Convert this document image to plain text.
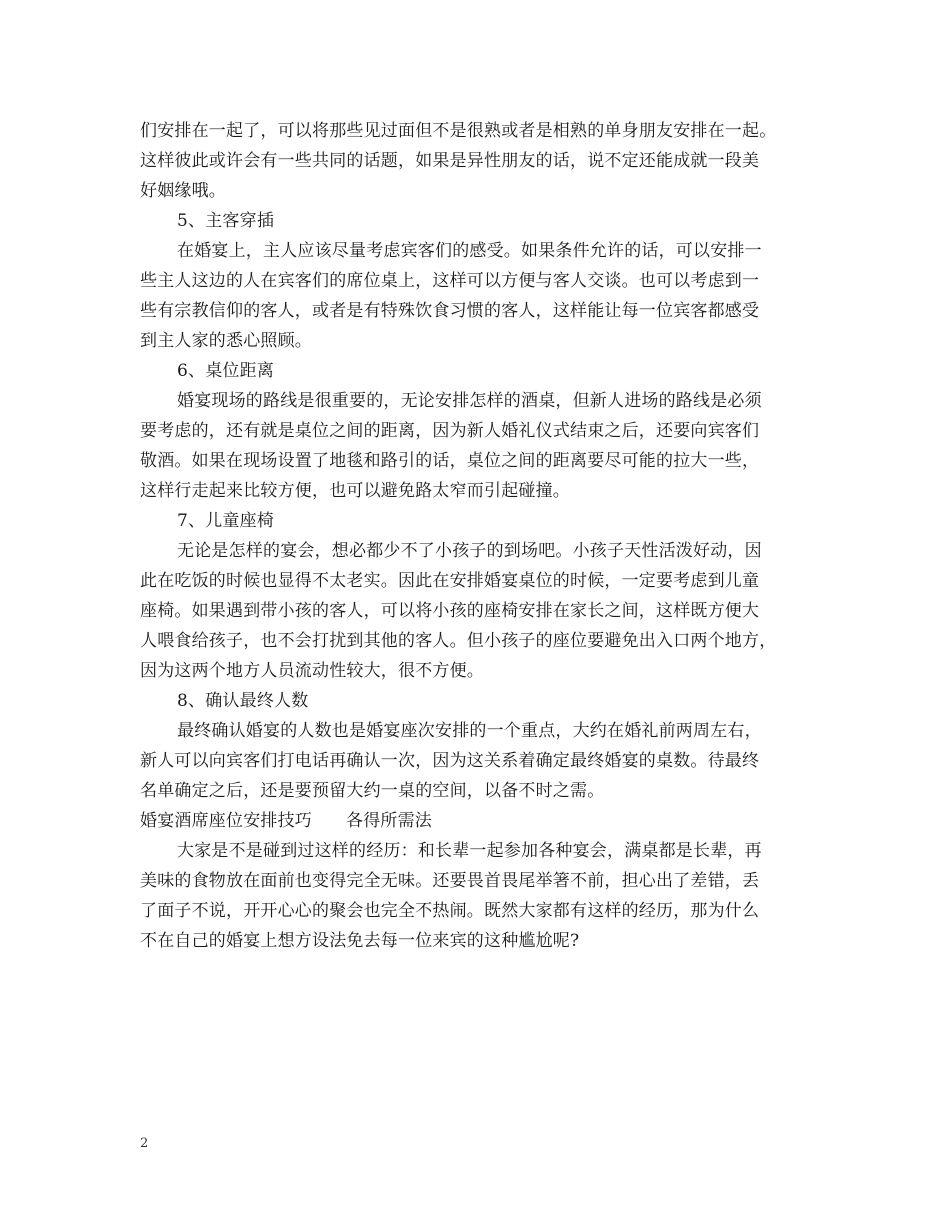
们安排在一起了，可以将那些见过面但不是很熟或者是相熟的单身朋友安排在一起。
这样彼此或许会有一些共同的话题，如果是异性朋友的话，说不定还能成就一段美
好姻缘哦。
5、主客穿插
在婚宴上，主人应该尽量考虑宾客们的感受。如果条件允许的话，可以安排一
些主人这边的人在宾客们的席位桌上，这样可以方便与客人交谈。也可以考虑到一
些有宗教信仰的客人，或者是有特殊饮食习惯的客人，这样能让每一位宾客都感受
到主人家的悉心照顾。
6、桌位距离
婚宴现场的路线是很重要的，无论安排怎样的酒桌，但新人进场的路线是必须
要考虑的，还有就是桌位之间的距离，因为新人婚礼仪式结束之后，还要向宾客们
敬酒。如果在现场设置了地毯和路引的话，桌位之间的距离要尽可能的拉大一些，
这样行走起来比较方便，也可以避免路太窄而引起碰撞。
7、儿童座椅
无论是怎样的宴会，想必都少不了小孩子的到场吧。小孩子天性活泼好动，因
此在吃饭的时候也显得不太老实。因此在安排婚宴桌位的时候，一定要考虑到儿童
座椅。如果遇到带小孩的客人，可以将小孩的座椅安排在家长之间，这样既方便大
人喂食给孩子，也不会打扰到其他的客人。但小孩子的座位要避免出入口两个地方，
因为这两个地方人员流动性较大，很不方便。
8、确认最终人数
最终确认婚宴的人数也是婚宴座次安排的一个重点，大约在婚礼前两周左右，
新人可以向宾客们打电话再确认一次，因为这关系着确定最终婚宴的桌数。待最终
名单确定之后，还是要预留大约一桌的空间，以备不时之需。
婚宴酒席座位安排技巧 各得所需法
大家是不是碰到过这样的经历：和长辈一起参加各种宴会，满桌都是长辈，再
美味的食物放在面前也变得完全无味。还要畏首畏尾举箸不前，担心出了差错，丢
了面子不说，开开心心的聚会也完全不热闹。既然大家都有这样的经历，那为什么
不在自己的婚宴上想方设法免去每一位来宾的这种尴尬呢?
2
